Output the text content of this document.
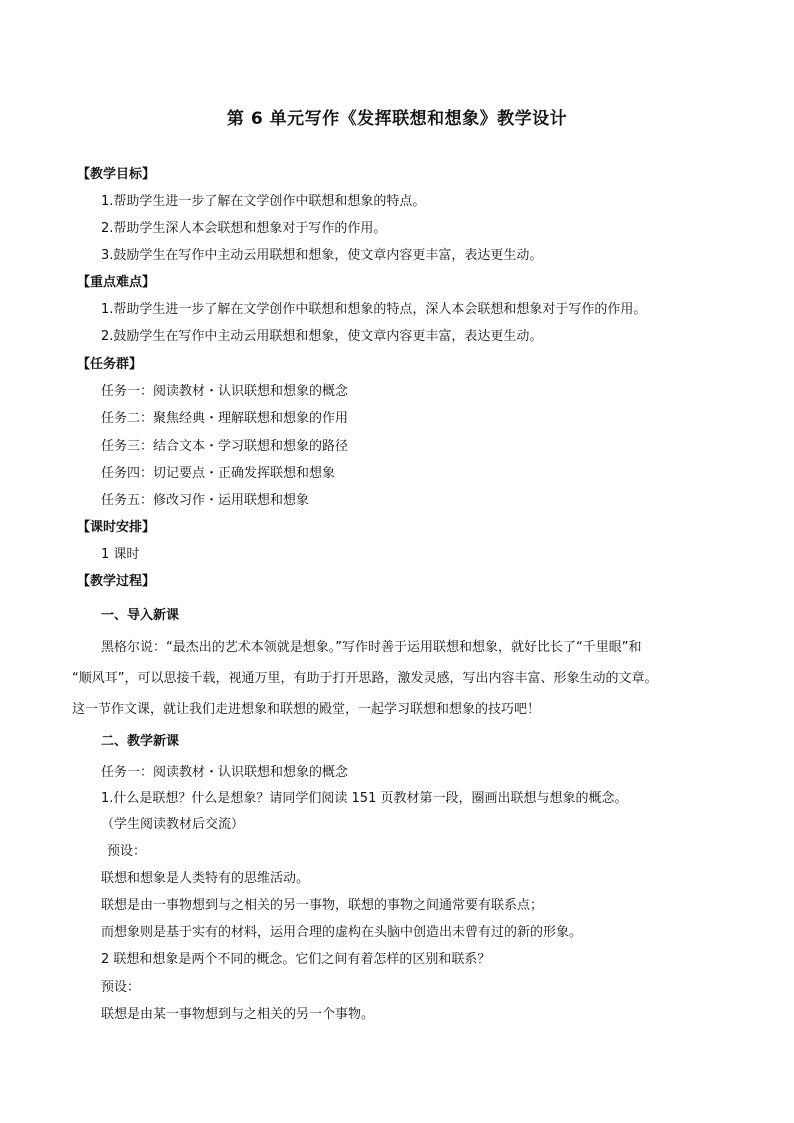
第 6 单元写作《发挥联想和想象》教学设计
【教学目标】
1.帮助学生进一步了解在文学创作中联想和想象的特点。
2.帮助学生深人本会联想和想象对于写作的作用。
3.鼓励学生在写作中主动云用联想和想象，使文章内容更丰富，表达更生动。
【重点难点】
1.帮助学生进一步了解在文学创作中联想和想象的特点，深人本会联想和想象对于写作的作用。
2.鼓励学生在写作中主动云用联想和想象，使文章内容更丰富，表达更生动。
【任务群】
任务一：阅读教材・认识联想和想象的概念
任务二：聚焦经典・理解联想和想象的作用
任务三：结合文本・学习联想和想象的路径
任务四：切记要点・正确发挥联想和想象
任务五：修改习作・运用联想和想象
【课时安排】
1 课时
【教学过程】
一、导入新课
黑格尔说：“最杰出的艺术本领就是想象。”写作时善于运用联想和想象，就好比长了“千里眼”和
“顺风耳”，可以思接千载，视通万里，有助于打开思路，激发灵感，写出内容丰富、形象生动的文章。
这一节作文课，就让我们走进想象和联想的殿堂，一起学习联想和想象的技巧吧！
二、教学新课
任务一：阅读教材・认识联想和想象的概念
1.什么是联想？什么是想象？请同学们阅读 151 页教材第一段，圈画出联想与想象的概念。
（学生阅读教材后交流）
预设：
联想和想象是人类特有的思维活动。
联想是由一事物想到与之相关的另一事物，联想的事物之间通常要有联系点；
而想象则是基于实有的材料，运用合理的虚构在头脑中创造出未曾有过的新的形象。
2 联想和想象是两个不同的概念。它们之间有着怎样的区别和联系？
预设：
联想是由某一事物想到与之相关的另一个事物。
